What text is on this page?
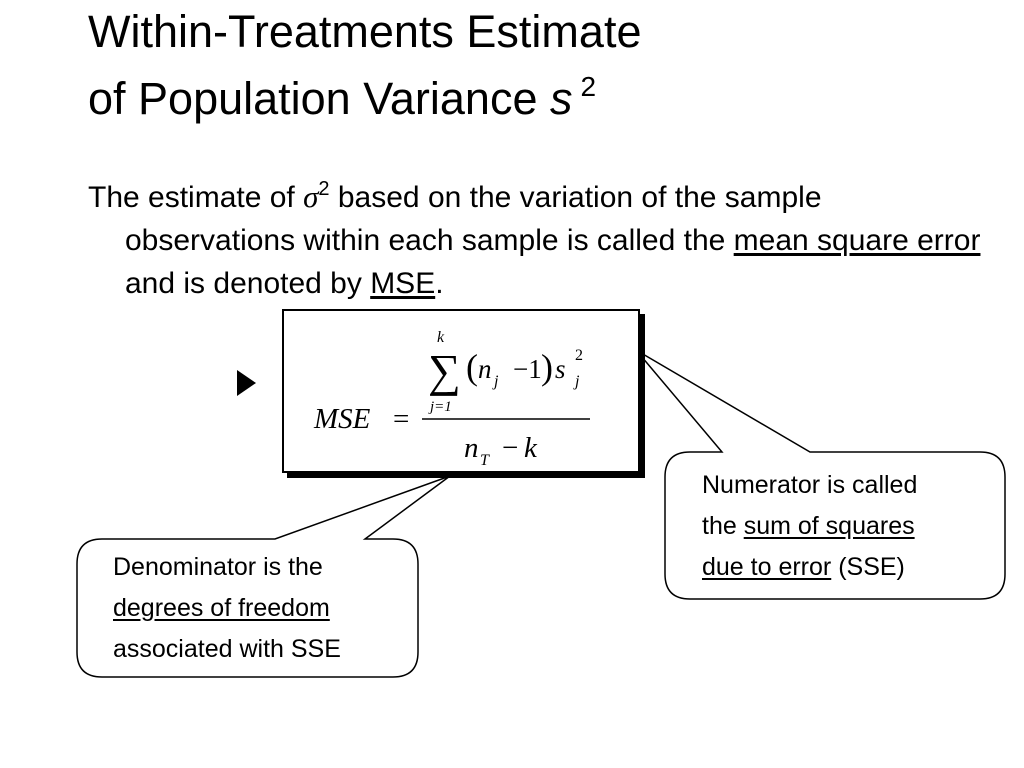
Within-Treatments Estimate
of Population Variance s $^2$
The estimate of $\sigma^2$ based on the variation of the sample observations within each sample is called the mean square error and is denoted by MSE.
MSE =
k
∑
j=1
( n j −1 ) s 2
j
n T − k
Numerator is called
the sum of squares
due to error (SSE)
Denominator is the
degrees of freedom
associated with SSE
